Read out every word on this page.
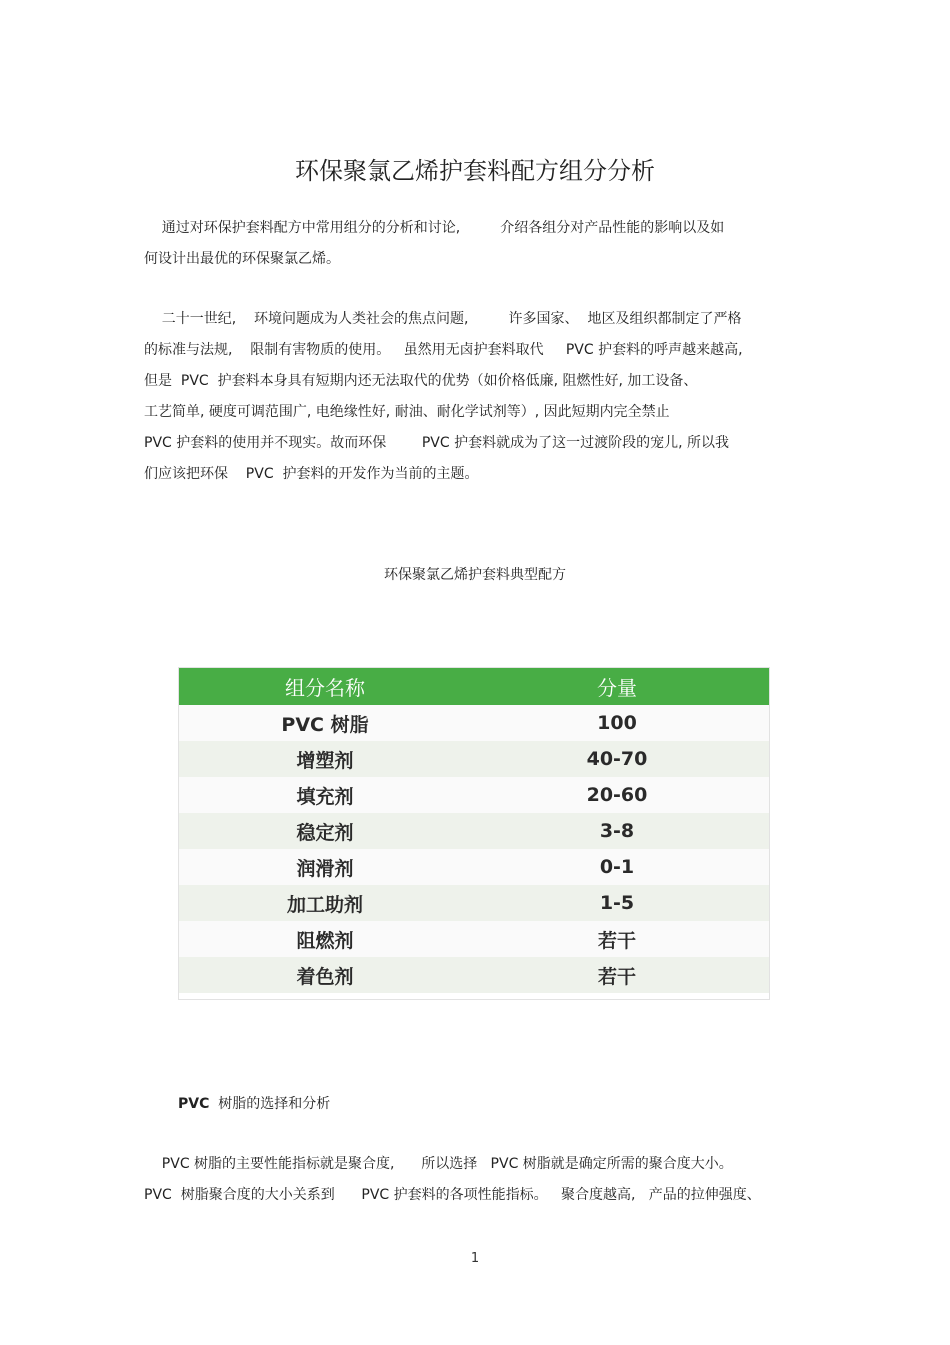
环保聚氯乙烯护套料配方组分分析
通过对环保护套料配方中常用组分的分析和讨论,         介绍各组分对产品性能的影响以及如
何设计出最优的环保聚氯乙烯。
二十一世纪,    环境问题成为人类社会的焦点问题,         许多国家、  地区及组织都制定了严格
的标准与法规,    限制有害物质的使用。   虽然用无卤护套料取代     PVC 护套料的呼声越来越高,
但是  PVC  护套料本身具有短期内还无法取代的优势（如价格低廉, 阻燃性好, 加工设备、
工艺简单, 硬度可调范围广, 电绝缘性好, 耐油、耐化学试剂等）, 因此短期内完全禁止
PVC 护套料的使用并不现实。故而环保        PVC 护套料就成为了这一过渡阶段的宠儿, 所以我
们应该把环保    PVC  护套料的开发作为当前的主题。
环保聚氯乙烯护套料典型配方
组分名称	分量
PVC 树脂	100
增塑剂	40-70
填充剂	20-60
稳定剂	3-8
润滑剂	0-1
加工助剂	1-5
阻燃剂	若干
着色剂	若干
PVC  树脂的选择和分析
PVC 树脂的主要性能指标就是聚合度,      所以选择   PVC 树脂就是确定所需的聚合度大小。
PVC  树脂聚合度的大小关系到      PVC 护套料的各项性能指标。   聚合度越高,   产品的拉伸强度、
1
